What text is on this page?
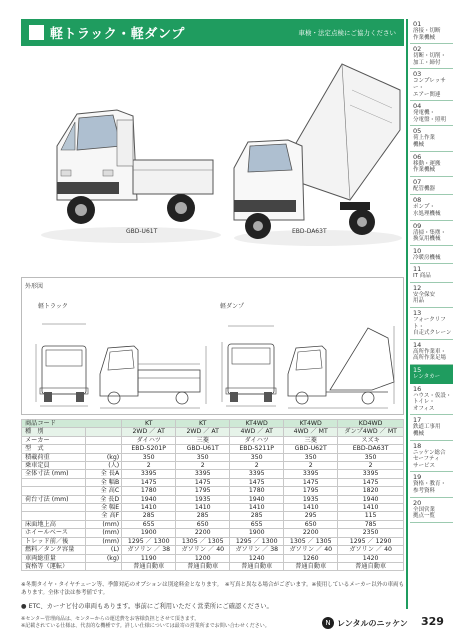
軽トラック・軽ダンプ	車検・法定点検にご協力ください
GBD-U61T	EBD-DA63T
外形図
軽トラック	軽ダンプ
商品コード		KT	KT	KT4WD	KT4WD	KD4WD
種　別		2WD ／ AT	2WD ／ AT	4WD ／ AT	4WD ／ MT	ダンプ4WD ／ MT
メーカー		ダイハツ	三菱	ダイハツ	三菱	スズキ
型　式		EBD-S201P	GBD-U61T	EBD-S211P	GBD-U62T	EBD-DA63T
積載荷重	(kg)	350	350	350	350	350
乗車定員	(人)	2	2	2	2	2
全体寸法 (mm)	全 長A	3395	3395	3395	3395	3395
	全 幅B	1475	1475	1475	1475	1475
	全 高C	1780	1795	1780	1795	1820
荷台寸法 (mm)	全 長D	1940	1935	1940	1935	1940
	全 幅E	1410	1410	1410	1410	1410
	全 高F	285	285	285	295	115
床面地上高	(mm)	655	650	655	650	785
ホイールベース	(mm)	1900	2200	1900	2200	2350
トレッド前／後	(mm)	1295 ／ 1300	1305 ／ 1305	1295 ／ 1300	1305 ／ 1305	1295 ／ 1290
燃料／タンク容量	(L)	ガソリン ／ 38	ガソリン ／ 40	ガソリン ／ 38	ガソリン ／ 40	ガソリン ／ 40
車両総重量	(kg)	1190	1200	1240	1260	1420
資格等（運転）		普通自動車	普通自動車	普通自動車	普通自動車	普通自動車
※冬期タイヤ・タイヤチェーン等、季節対応のオプションは別途料金となります。　※写真と異なる場合がございます。※使用しているメーカー以外の車両もあります。全体寸法は参考値です。
● ETC、カーナビ付の車両もあります。事前にご利用いただく営業所にご確認ください。
※センター管理商品は、センターからの運送費をお客様負担とさせて頂きます。
※記載されている仕様は、代表的な機種です。詳しい仕様については最寄の営業所までお問い合わせください。	N レンタルのニッケン 329
01
溶接・切断
作業機械
02
切断・切削・
加工・締付
03
コンプレッサー・
エアー関連
04
発電機・
分電盤・照明
05
荷上作業
機械
06
移動・運搬
作業機械
07
配管機器
08
ポンプ・
水処理機械
09
清掃・集塵・
換気用機械
10
冷暖房機械
11
IT 商品
12
安全保安
用品
13
フォークリフト・
自走式クレーン
14
高所作業車・
高所作業足場
15
レンタカー
16
ハウス・仮設・
トイレ・
オフィス
17
鉄道工事用
機械
18
ニッケン総合
セーフティ
サービス
19
資格・教育・
参考資料
20
全国営業
拠点一覧
